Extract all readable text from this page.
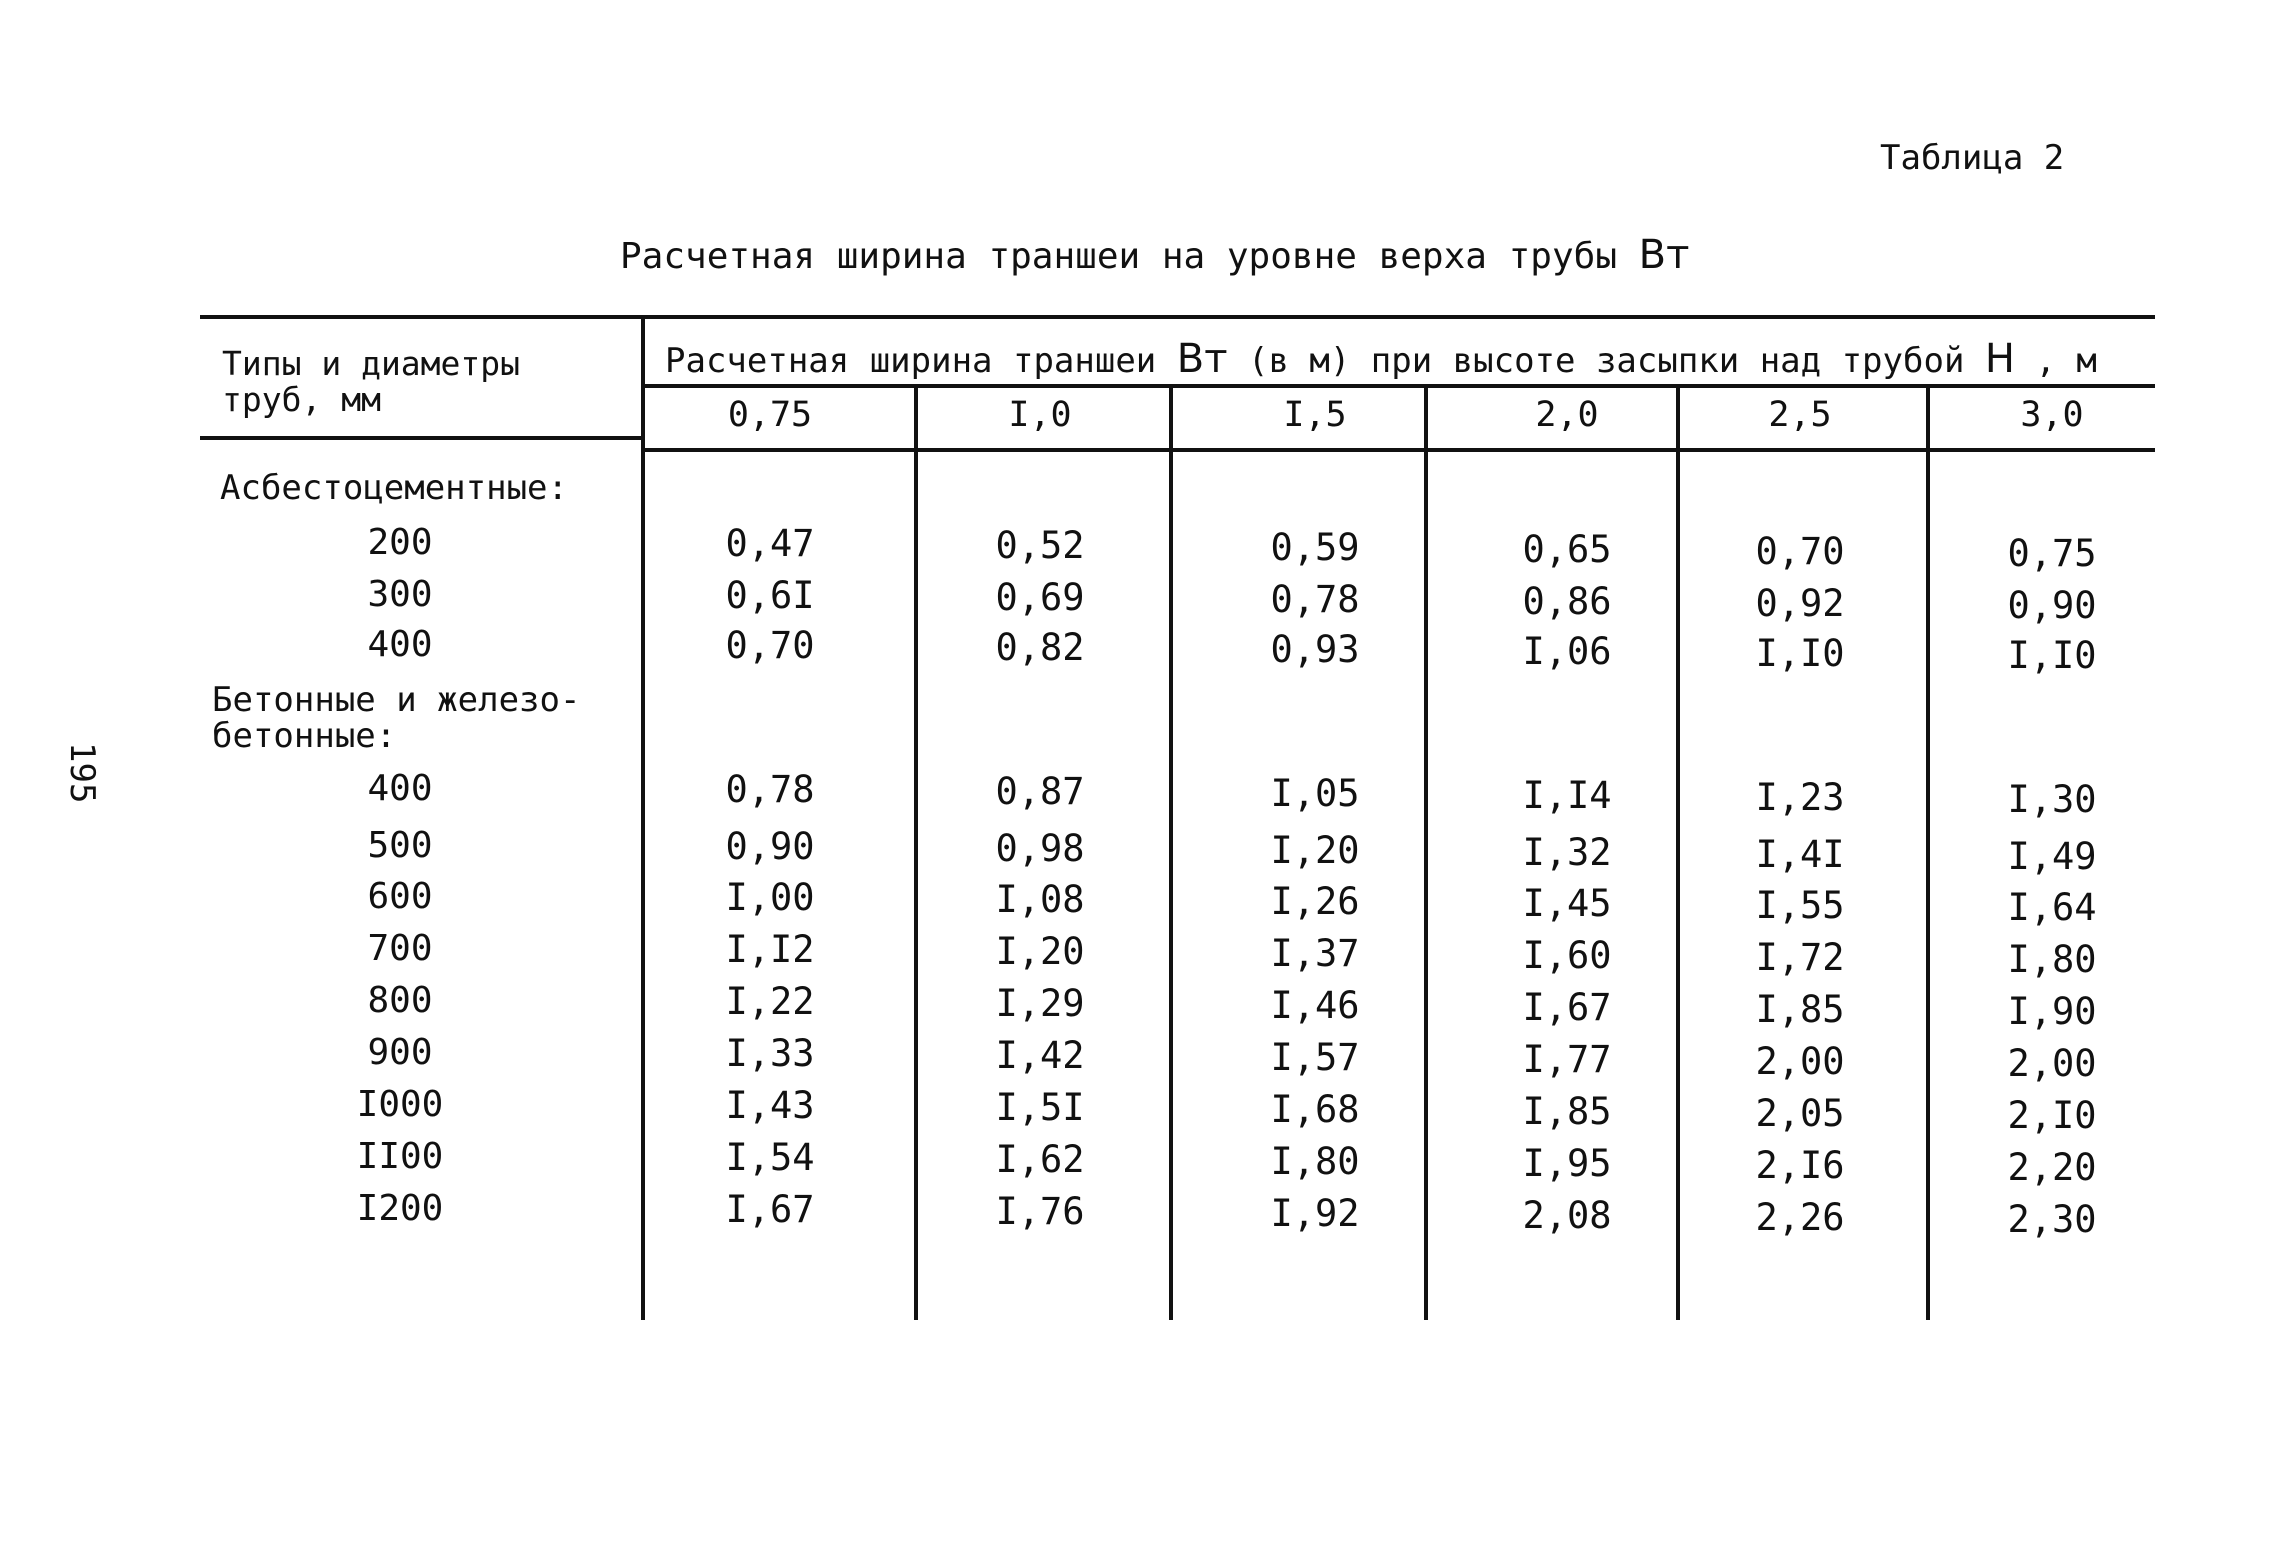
Таблица 2
Расчетная ширина траншеи на уровне верха трубы Вт
195
Типы и диаметры
труб, мм
Расчетная ширина траншеи Вт (в м) при высоте засыпки над трубой Н , м
0,75	I,0	I,5	2,0	2,5	3,0
Асбестоцементные:
200	0,47	0,52	0,59	0,65	0,70	0,75
300	0,6I	0,69	0,78	0,86	0,92	0,90
400	0,70	0,82	0,93	I,06	I,I0	I,I0
Бетонные и железо-
бетонные:
400	0,78	0,87	I,05	I,I4	I,23	I,30
500	0,90	0,98	I,20	I,32	I,4I	I,49
600	I,00	I,08	I,26	I,45	I,55	I,64
700	I,I2	I,20	I,37	I,60	I,72	I,80
800	I,22	I,29	I,46	I,67	I,85	I,90
900	I,33	I,42	I,57	I,77	2,00	2,00
I000	I,43	I,5I	I,68	I,85	2,05	2,I0
II00	I,54	I,62	I,80	I,95	2,I6	2,20
I200	I,67	I,76	I,92	2,08	2,26	2,30
